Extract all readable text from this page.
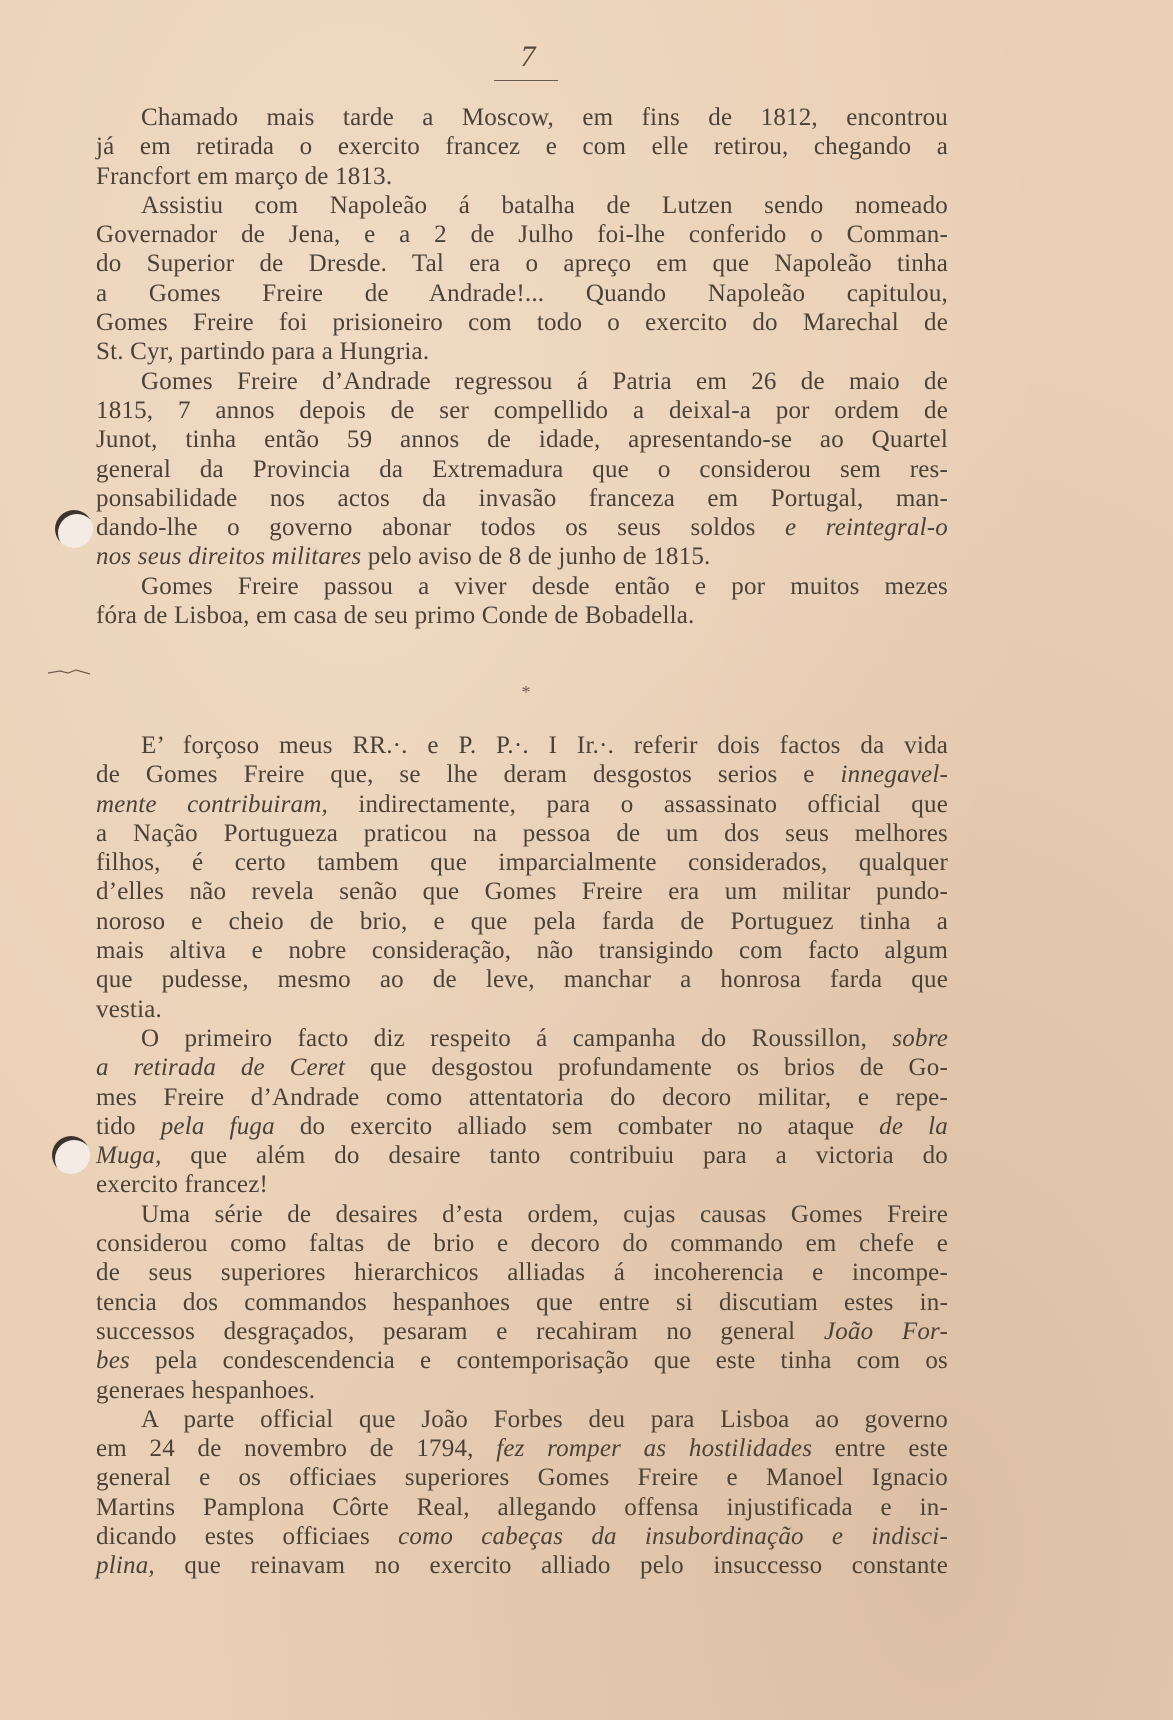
7
Chamado mais tarde a Moscow, em fins de 1812, encontrou
já em retirada o exercito francez e com elle retirou, chegando a
Francfort em março de 1813.
Assistiu com Napoleão á batalha de Lutzen sendo nomeado
Governador de Jena, e a 2 de Julho foi-lhe conferido o Comman-
do Superior de Dresde. Tal era o apreço em que Napoleão tinha
a Gomes Freire de Andrade!... Quando Napoleão capitulou,
Gomes Freire foi prisioneiro com todo o exercito do Marechal de
St. Cyr, partindo para a Hungria.
Gomes Freire d’Andrade regressou á Patria em 26 de maio de
1815, 7 annos depois de ser compellido a deixal-a por ordem de
Junot, tinha então 59 annos de idade, apresentando-se ao Quartel
general da Provincia da Extremadura que o considerou sem res-
ponsabilidade nos actos da invasão franceza em Portugal, man-
dando-lhe o governo abonar todos os seus soldos e reintegral-o
nos seus direitos militares pelo aviso de 8 de junho de 1815.
Gomes Freire passou a viver desde então e por muitos mezes
fóra de Lisboa, em casa de seu primo Conde de Bobadella.
*
E’ forçoso meus RR.·. e P. P.·. I Ir.·. referir dois factos da vida
de Gomes Freire que, se lhe deram desgostos serios e innegavel-
mente contribuiram, indirectamente, para o assassinato official que
a Nação Portugueza praticou na pessoa de um dos seus melhores
filhos, é certo tambem que imparcialmente considerados, qualquer
d’elles não revela senão que Gomes Freire era um militar pundo-
noroso e cheio de brio, e que pela farda de Portuguez tinha a
mais altiva e nobre consideração, não transigindo com facto algum
que pudesse, mesmo ao de leve, manchar a honrosa farda que
vestia.
O primeiro facto diz respeito á campanha do Roussillon, sobre
a retirada de Ceret que desgostou profundamente os brios de Go-
mes Freire d’Andrade como attentatoria do decoro militar, e repe-
tido pela fuga do exercito alliado sem combater no ataque de la
Muga, que além do desaire tanto contribuiu para a victoria do
exercito francez!
Uma série de desaires d’esta ordem, cujas causas Gomes Freire
considerou como faltas de brio e decoro do commando em chefe e
de seus superiores hierarchicos alliadas á incoherencia e incompe-
tencia dos commandos hespanhoes que entre si discutiam estes in-
successos desgraçados, pesaram e recahiram no general João For-
bes pela condescendencia e contemporisação que este tinha com os
generaes hespanhoes.
A parte official que João Forbes deu para Lisboa ao governo
em 24 de novembro de 1794, fez romper as hostilidades entre este
general e os officiaes superiores Gomes Freire e Manoel Ignacio
Martins Pamplona Côrte Real, allegando offensa injustificada e in-
dicando estes officiaes como cabeças da insubordinação e indisci-
plina, que reinavam no exercito alliado pelo insuccesso constante
